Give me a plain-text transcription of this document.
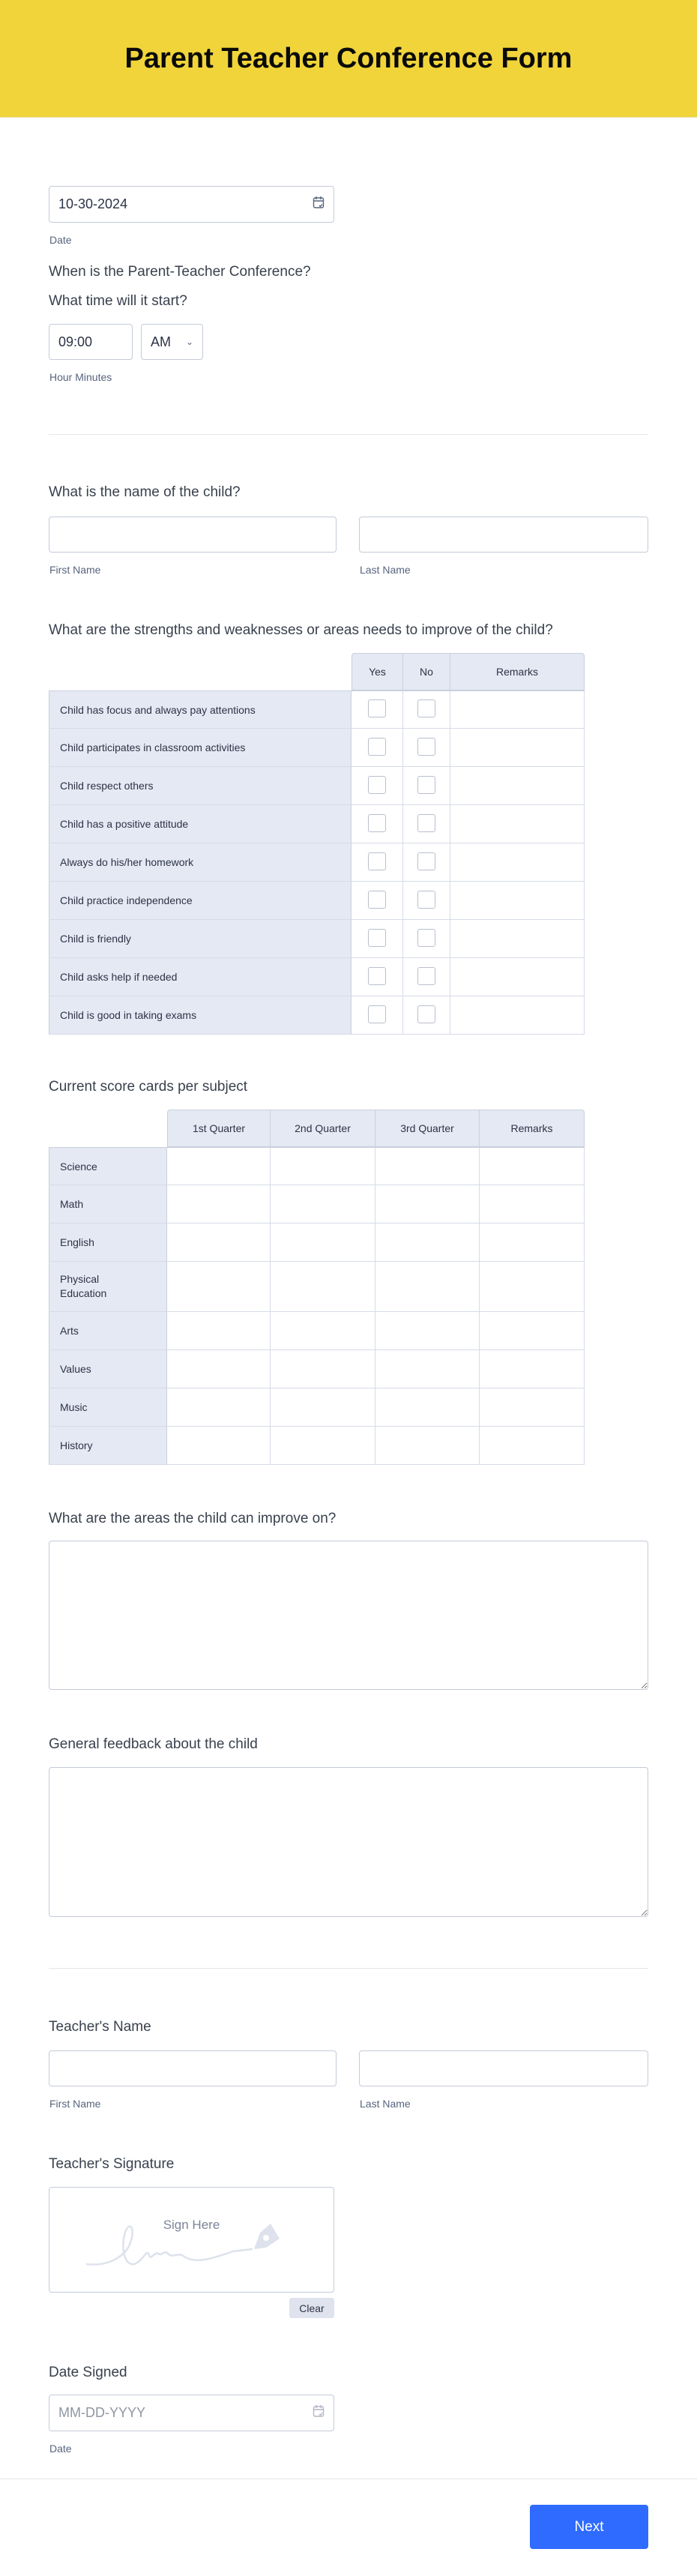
Parent Teacher Conference Form
When is the Parent-Teacher Conference?
10-30-2024
Date
What time will it start?
09:00	AM ⌄
Hour Minutes
What is the name of the child?
First Name	Last Name
What are the strengths and weaknesses or areas needs to improve of the child?
	Yes	No	Remarks
Child has focus and always pay attentions			
Child participates in classroom activities			
Child respect others			
Child has a positive attitude			
Always do his/her homework			
Child practice independence			
Child is friendly			
Child asks help if needed			
Child is good in taking exams			
Current score cards per subject
	1st Quarter	2nd Quarter	3rd Quarter	Remarks
Science				
Math				
English				
Physical Education				
Arts				
Values				
Music				
History				
What are the areas the child can improve on?
General feedback about the child
Teacher's Name
First Name	Last Name
Teacher's Signature
Sign Here
Clear
Date Signed
MM-DD-YYYY
Date
Next
